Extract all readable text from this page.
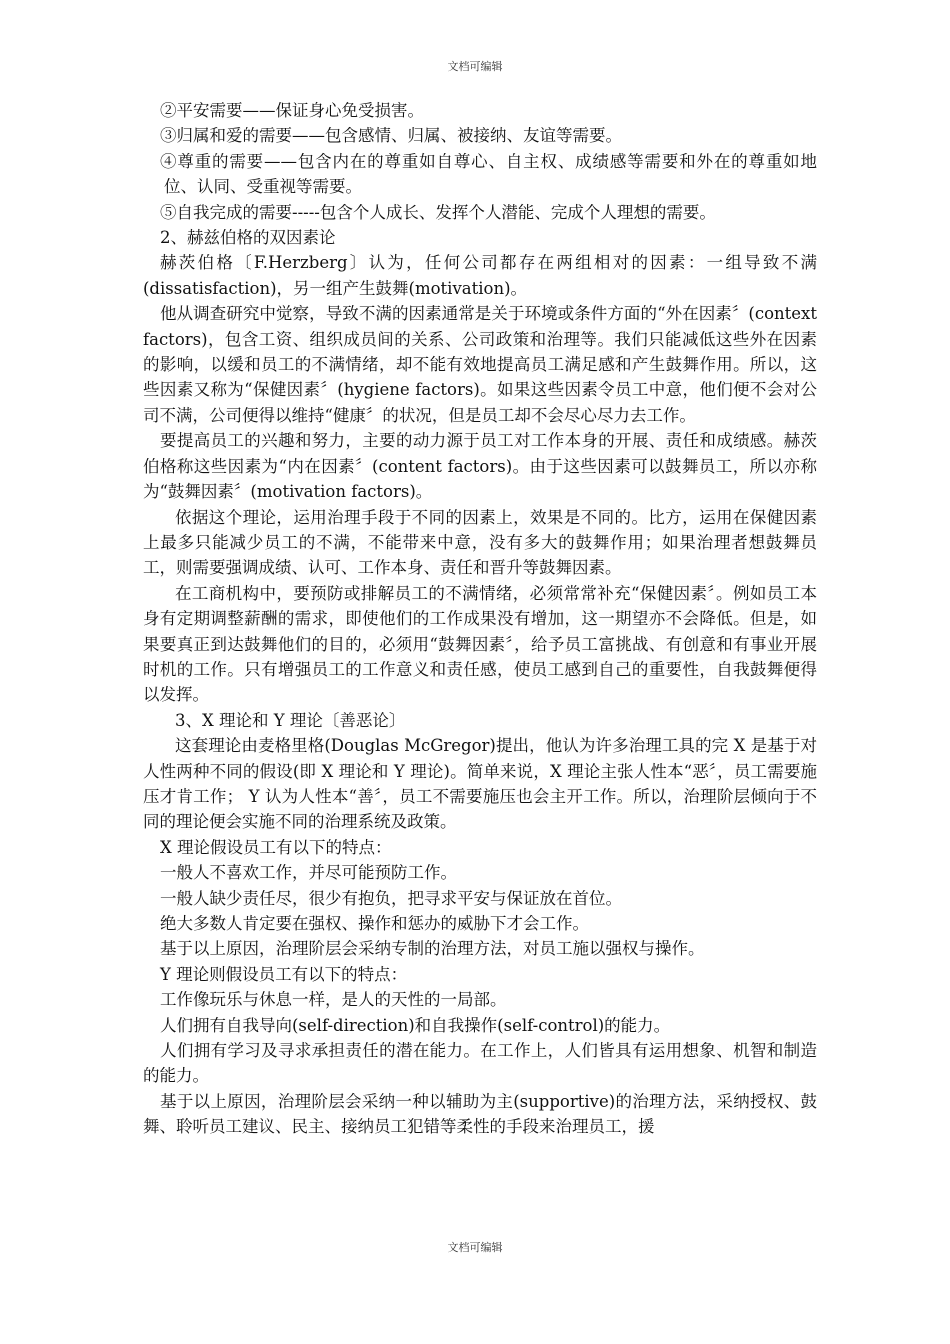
文档可编辑

②平安需要——保证身心免受损害。

③归属和爱的需要——包含感情、归属、被接纳、友谊等需要。

④尊重的需要——包含内在的尊重如自尊心、自主权、成绩感等需要和外在的尊重如地位、认同、受重视等需要。

⑤自我完成的需要-----包含个人成长、发挥个人潜能、完成个人理想的需要。

2、赫兹伯格的双因素论

赫茨伯格〔F.Herzberg〕认为，任何公司都存在两组相对的因素：一组导致不满(dissatisfaction)，另一组产生鼓舞(motivation)。

他从调查研究中觉察，导致不满的因素通常是关于环境或条件方面的“外在因素〞(context factors)，包含工资、组织成员间的关系、公司政策和治理等。我们只能减低这些外在因素的影响，以缓和员工的不满情绪，却不能有效地提高员工满足感和产生鼓舞作用。所以，这些因素又称为“保健因素〞(hygiene factors)。如果这些因素令员工中意，他们便不会对公司不满，公司便得以维持“健康〞的状况，但是员工却不会尽心尽力去工作。

要提高员工的兴趣和努力，主要的动力源于员工对工作本身的开展、责任和成绩感。赫茨伯格称这些因素为“内在因素〞(content factors)。由于这些因素可以鼓舞员工，所以亦称为“鼓舞因素〞(motivation factors)。

依据这个理论，运用治理手段于不同的因素上，效果是不同的。比方，运用在保健因素上最多只能减少员工的不满，不能带来中意，没有多大的鼓舞作用；如果治理者想鼓舞员工，则需要强调成绩、认可、工作本身、责任和晋升等鼓舞因素。

在工商机构中，要预防或排解员工的不满情绪，必须常常补充“保健因素〞。例如员工本身有定期调整薪酬的需求，即使他们的工作成果没有增加，这一期望亦不会降低。但是，如果要真正到达鼓舞他们的目的，必须用“鼓舞因素〞，给予员工富挑战、有创意和有事业开展时机的工作。只有增强员工的工作意义和责任感，使员工感到自己的重要性，自我鼓舞便得以发挥。

3、X 理论和 Y 理论〔善恶论〕

这套理论由麦格里格(Douglas McGregor)提出，他认为许多治理工具的完 X 是基于对人性两种不同的假设(即 X 理论和 Y 理论)。简单来说，X 理论主张人性本“恶〞，员工需要施压才肯工作； Y 认为人性本“善〞，员工不需要施压也会主开工作。所以，治理阶层倾向于不同的理论便会实施不同的治理系统及政策。

X 理论假设员工有以下的特点：

一般人不喜欢工作，并尽可能预防工作。

一般人缺少责任尽，很少有抱负，把寻求平安与保证放在首位。

绝大多数人肯定要在强权、操作和惩办的威胁下才会工作。

基于以上原因，治理阶层会采纳专制的治理方法，对员工施以强权与操作。

Y 理论则假设员工有以下的特点：

工作像玩乐与休息一样，是人的天性的一局部。

人们拥有自我导向(self-direction)和自我操作(self-control)的能力。

人们拥有学习及寻求承担责任的潜在能力。在工作上，人们皆具有运用想象、机智和制造的能力。

基于以上原因，治理阶层会采纳一种以辅助为主(supportive)的治理方法，采纳授权、鼓舞、聆听员工建议、民主、接纳员工犯错等柔性的手段来治理员工，援

文档可编辑
